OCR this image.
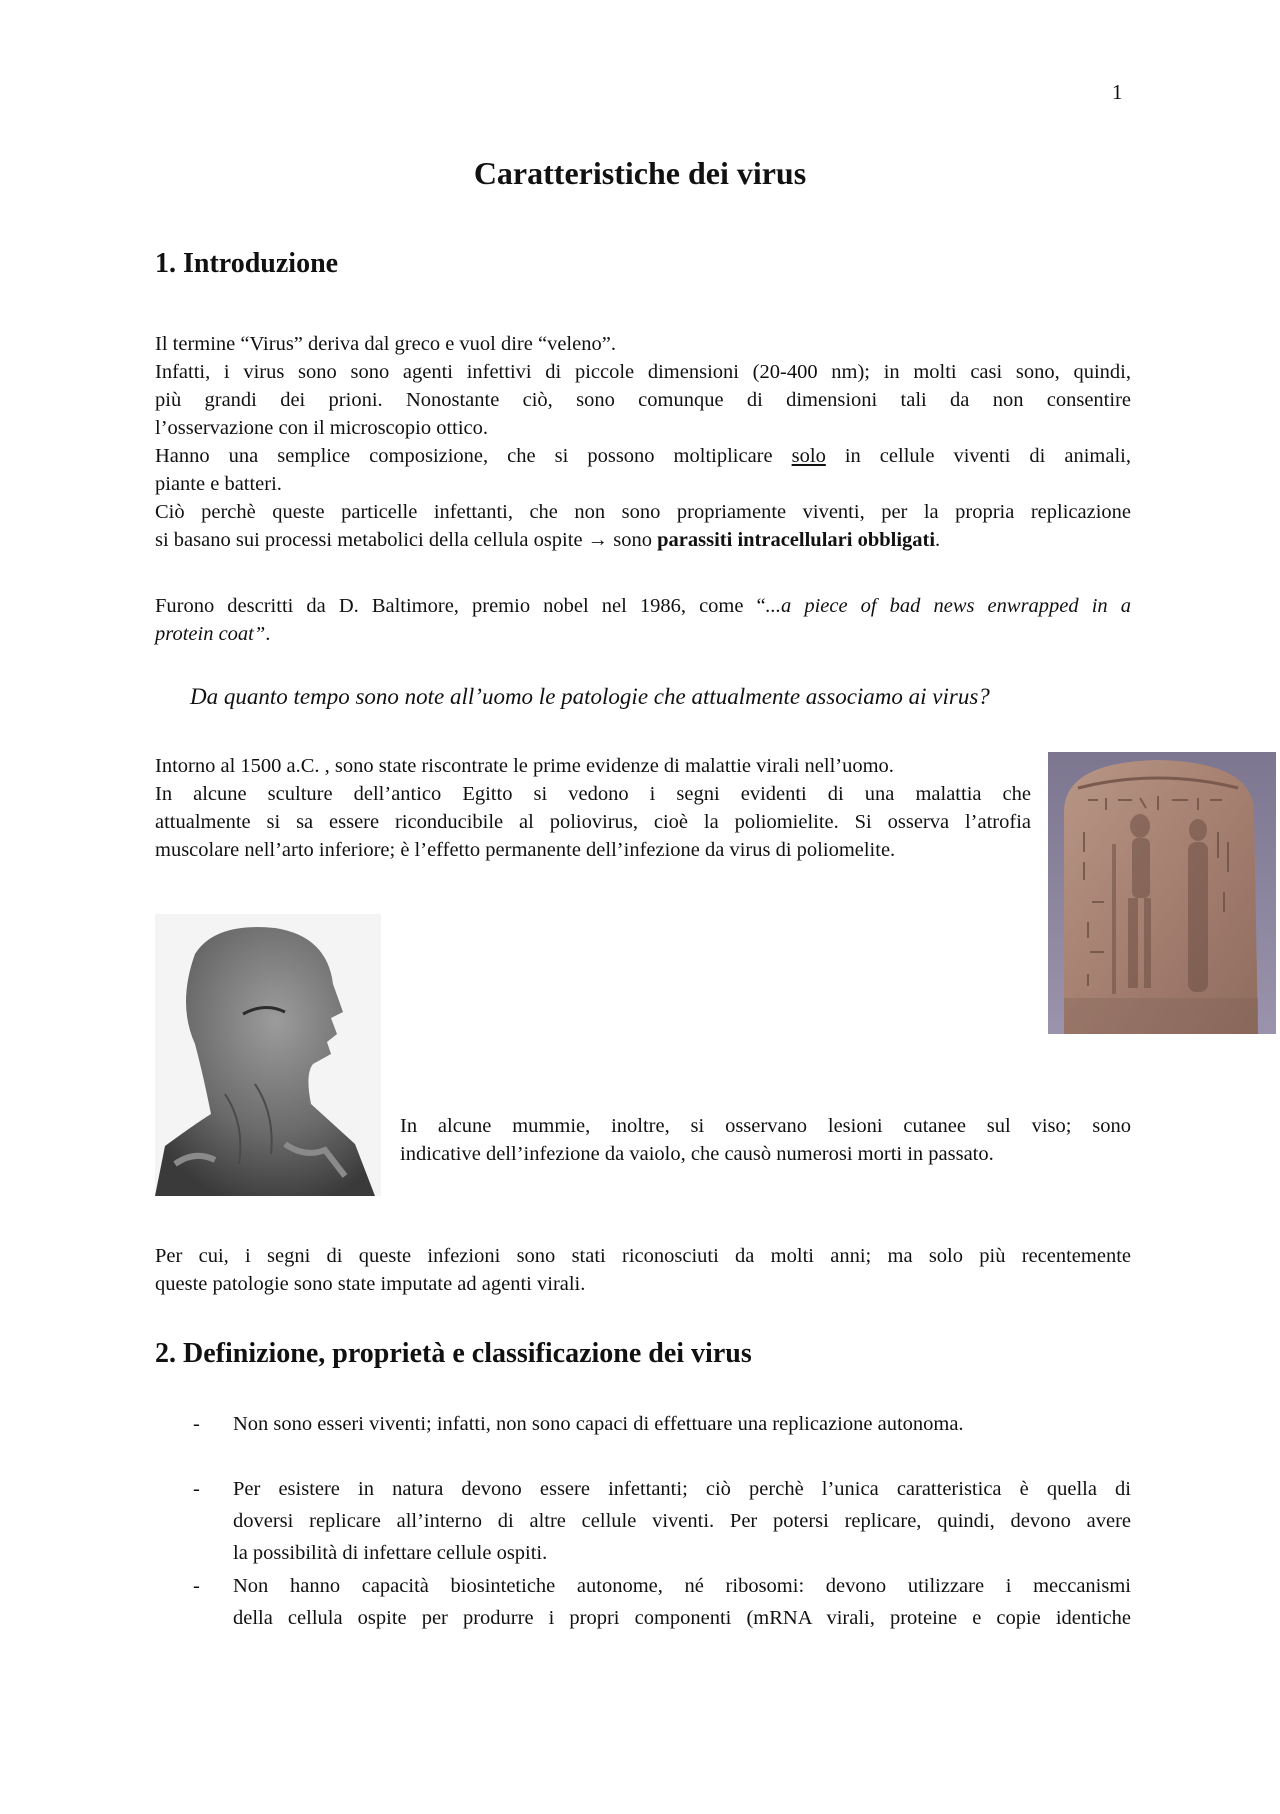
1
Caratteristiche dei virus
1. Introduzione
Il termine “Virus” deriva dal greco e vuol dire “veleno”.
Infatti, i virus sono sono agenti infettivi di piccole dimensioni (20-400 nm); in molti casi sono, quindi,
più grandi dei prioni. Nonostante ciò, sono comunque di dimensioni tali da non consentire
l’osservazione con il microscopio ottico.
Hanno una semplice composizione, che si possono moltiplicare solo in cellule viventi di animali,
piante e batteri.
Ciò perchè queste particelle infettanti, che non sono propriamente viventi, per la propria replicazione
si basano sui processi metabolici della cellula ospite → sono parassiti intracellulari obbligati.
Furono descritti da D. Baltimore, premio nobel nel 1986, come “...a piece of bad news enwrapped in a
protein coat”.
Da quanto tempo sono note all’uomo le patologie che attualmente associamo ai virus?
Intorno al 1500 a.C. , sono state riscontrate le prime evidenze di malattie virali nell’uomo.
In alcune sculture dell’antico Egitto si vedono i segni evidenti di una malattia che
attualmente si sa essere riconducibile al poliovirus, cioè la poliomielite. Si osserva l’atrofia
muscolare nell’arto inferiore; è l’effetto permanente dell’infezione da virus di poliomelite.
In alcune mummie, inoltre, si osservano lesioni cutanee sul viso; sono
indicative dell’infezione da vaiolo, che causò numerosi morti in passato.
Per cui, i segni di queste infezioni sono stati riconosciuti da molti anni; ma solo più recentemente
queste patologie sono state imputate ad agenti virali.
2. Definizione, proprietà e classificazione dei virus
- Non sono esseri viventi; infatti, non sono capaci di effettuare una replicazione autonoma.
- Per esistere in natura devono essere infettanti; ciò perchè l’unica caratteristica è quella di
doversi replicare all’interno di altre cellule viventi. Per potersi replicare, quindi, devono avere
la possibilità di infettare cellule ospiti.
- Non hanno capacità biosintetiche autonome, né ribosomi: devono utilizzare i meccanismi
della cellula ospite per produrre i propri componenti (mRNA virali, proteine e copie identiche
